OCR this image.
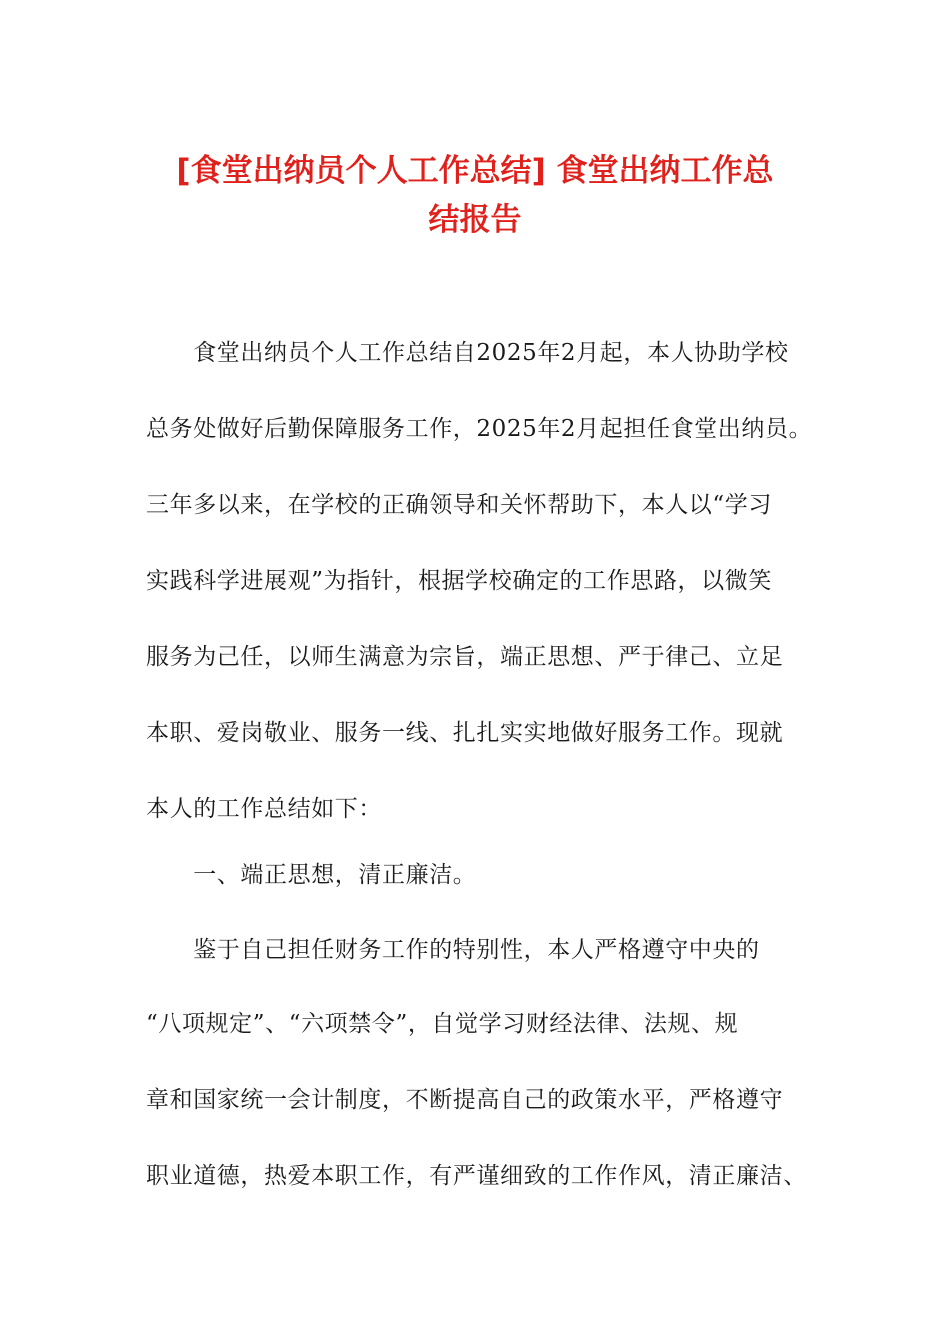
[食堂出纳员个人工作总结] 食堂出纳工作总
结报告
　　食堂出纳员个人工作总结自2025年2月起，本人协助学校
总务处做好后勤保障服务工作，2025年2月起担任食堂出纳员。
三年多以来，在学校的正确领导和关怀帮助下，本人以“学习
实践科学进展观”为指针，根据学校确定的工作思路，以微笑
服务为己任，以师生满意为宗旨，端正思想、严于律己、立足
本职、爱岗敬业、服务一线、扎扎实实地做好服务工作。现就
本人的工作总结如下：
　　一、端正思想，清正廉洁。
　　鉴于自己担任财务工作的特别性，本人严格遵守中央的
“八项规定”、“六项禁令”，自觉学习财经法律、法规、规
章和国家统一会计制度，不断提高自己的政策水平，严格遵守
职业道德，热爱本职工作，有严谨细致的工作作风，清正廉洁、
